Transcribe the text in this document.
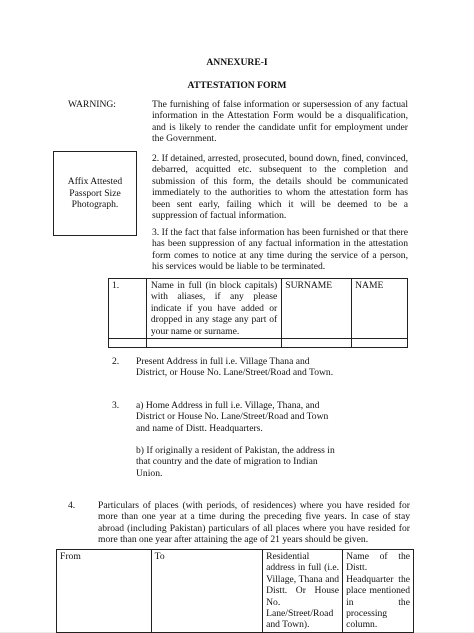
ANNEXURE-I
ATTESTATION FORM
WARNING:	The furnishing of false information or supersession of any factual information in the Attestation Form would be a disqualification, and is likely to render the candidate unfit for employment under the Government.
Affix Attested Passport Size Photograph.
2. If detained, arrested, prosecuted, bound down, fined, convinced, debarred, acquitted etc. subsequent to the completion and submission of this form, the details should be communicated immediately to the authorities to whom the attestation form has been sent early, failing which it will be deemed to be a suppression of factual information.
3. If the fact that false information has been furnished or that there has been suppression of any factual information in the attestation form comes to notice at any time during the service of a person, his services would be liable to be terminated.
1.	Name in full (in block capitals) with aliases, if any please indicate if you have added or dropped in any stage any part of your name or surname.	SURNAME	NAME

2. Present Address in full i.e. Village Thana and District, or House No. Lane/Street/Road and Town.
3. a) Home Address in full i.e. Village, Thana, and District or House No. Lane/Street/Road and Town and name of Distt. Headquarters.
b) If originally a resident of Pakistan, the address in that country and the date of migration to Indian Union.
4. Particulars of places (with periods, of residences) where you have resided for more than one year at a time during the preceding five years. In case of stay abroad (including Pakistan) particulars of all places where you have resided for more than one year after attaining the age of 21 years should be given.
From	To	Residential address in full (i.e. Village, Thana and Distt. Or House No. Lane/Street/Road and Town).	Name of the Distt. Headquarter the place mentioned in the processing column.
